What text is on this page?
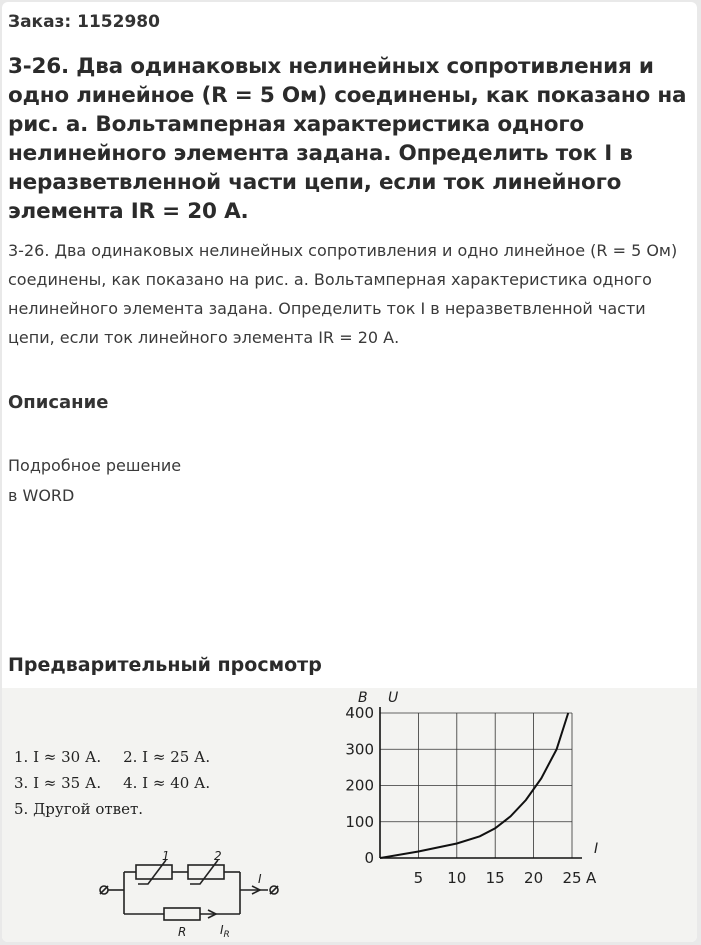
Заказ: 1152980
3-26. Два одинаковых нелинейных сопротивления и одно линейное (R = 5 Ом) соединены, как показано на рис. а. Вольтамперная характеристика одного нелинейного элемента задана. Определить ток I в неразветвленной части цепи, если ток линейного элемента IR = 20 А.
3-26. Два одинаковых нелинейных сопротивления и одно линейное (R = 5 Ом) соединены, как показано на рис. а. Вольтамперная характеристика одного нелинейного элемента задана. Определить ток I в неразветвленной части цепи, если ток линейного элемента IR = 20 А.
Описание
Подробное решение
в WORD
Предварительный просмотр
1. I ≈ 30 А. 2. I ≈ 25 А.
3. I ≈ 35 А. 4. I ≈ 40 А.
5. Другой ответ.
1	2
I
R	$I_R$
5 10 15 20 25
0
100
200
300
400
В U
I
А
